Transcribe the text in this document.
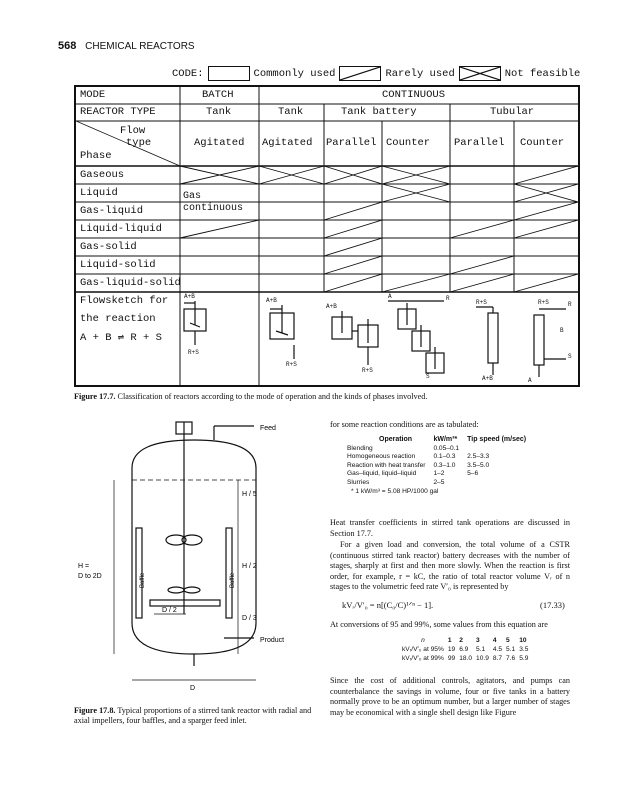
568 CHEMICAL REACTORS
CODE:	Commonly used	Rarely used	Not feasible
MODE	BATCH	CONTINUOUS
REACTOR TYPE	Tank	Tank	Tank battery	Tubular
Flow
type
Phase
Agitated Agitated Parallel Counter Parallel Counter
Gaseous
Liquid
Gas-liquid
Liquid-liquid
Gas-solid
Liquid-solid
Gas-liquid-solid
Gas
continuous
Flowsketch for
the reaction
A + B ⇌ R + S
A+B
R+S
A+B
R+S
A+B
R+S
A	R
S
R+S
A+B
R+S	R
S
A
B
Figure 17.7. Classification of reactors according to the mode of operation and the kinds of phases involved.
Feed
Product
H / 5
H / 2
D / 3
D / 2
H =
D to 2D
D
Baffle	Baffle
Figure 17.8. Typical proportions of a stirred tank reactor with radial and axial impellers, four baffles, and a sparger feed inlet.
for some reaction conditions are as tabulated:
Operation	kW/m³*	Tip speed (m/sec)
Blending	0.05–0.1	
Homogeneous reaction	0.1–0.3	2.5–3.3
Reaction with heat transfer	0.3–1.0	3.5–5.0
Gas–liquid, liquid–liquid	1–2	5–6
Slurries	2–5	
* 1 kW/m³ = 5.08 HP/1000 gal		
Heat transfer coefficients in stirred tank operations are discussed in Section 17.7.
For a given load and conversion, the total volume of a CSTR (continuous stirred tank reactor) battery decreases with the number of stages, sharply at first and then more slowly. When the reaction is first order, for example, r = kC, the ratio of total reactor volume Vᵣ of n stages to the volumetric feed rate V′₀ is represented by
kVᵣ/V′₀ = n[(C₀/C)¹ᐟⁿ − 1].	(17.33)
At conversions of 95 and 99%, some values from this equation are
n	1	2	3	4	5	10
kVᵣ/V′₀ at 95%	19	6.9	5.1	4.5	5.1	3.5
kVᵣ/V′₀ at 99%	99	18.0	10.9	8.7	7.6	5.9
Since the cost of additional controls, agitators, and pumps can counterbalance the savings in volume, four or five tanks in a battery normally prove to be an optimum number, but a larger number of stages may be economical with a single shell design like Figure
